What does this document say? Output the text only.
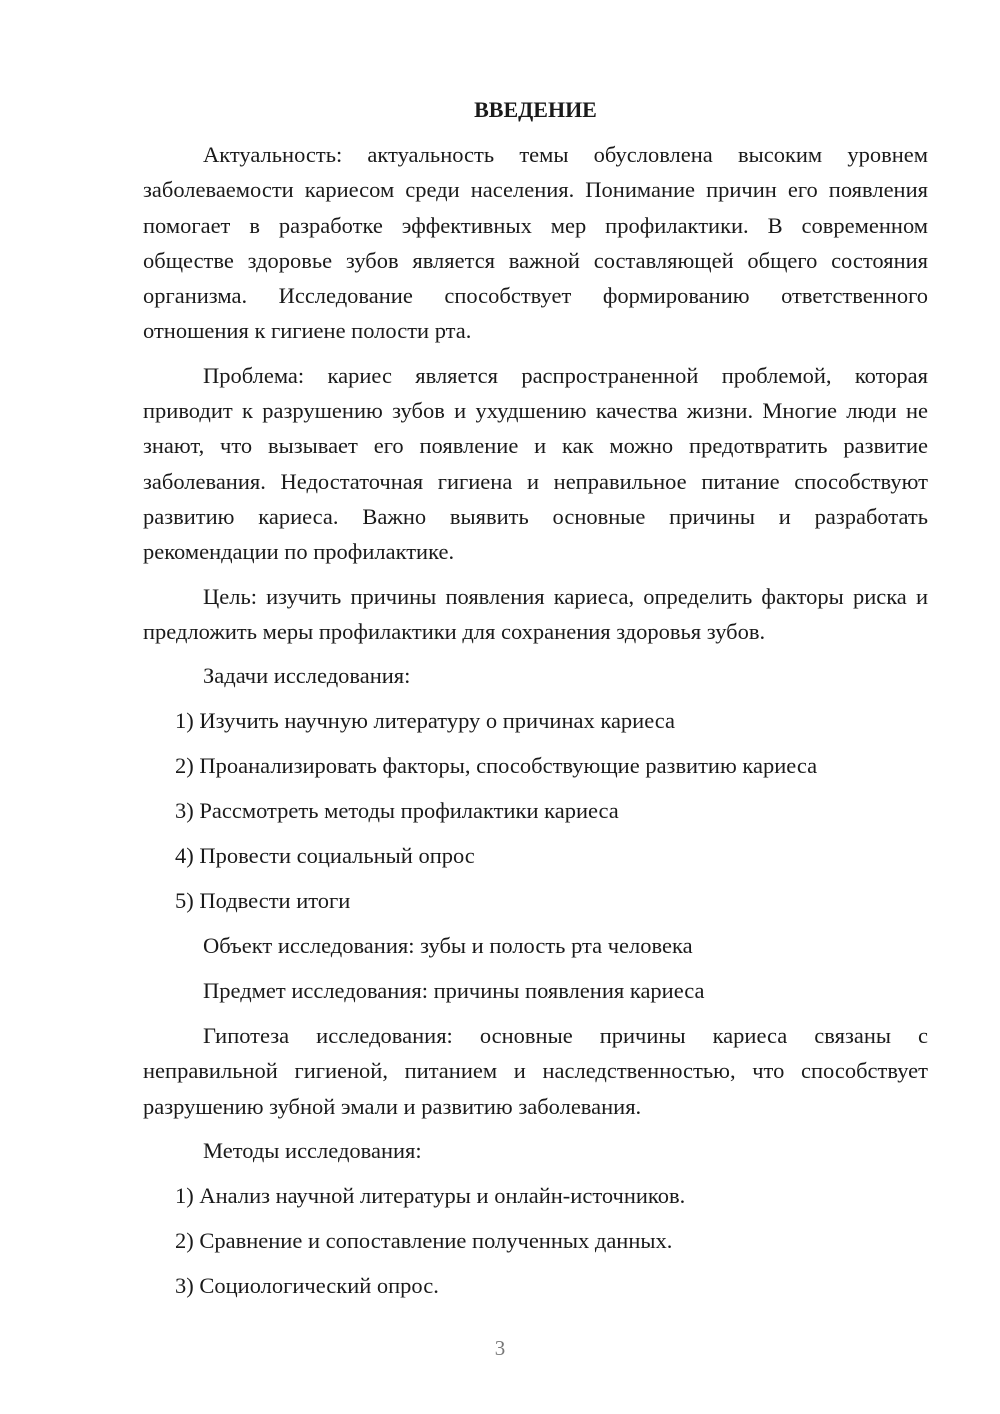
ВВЕДЕНИЕ

Актуальность: актуальность темы обусловлена высоким уровнем заболеваемости кариесом среди населения. Понимание причин его появления помогает в разработке эффективных мер профилактики. В современном обществе здоровье зубов является важной составляющей общего состояния организма. Исследование способствует формированию ответственного отношения к гигиене полости рта.

Проблема: кариес является распространенной проблемой, которая приводит к разрушению зубов и ухудшению качества жизни. Многие люди не знают, что вызывает его появление и как можно предотвратить развитие заболевания. Недостаточная гигиена и неправильное питание способствуют развитию кариеса. Важно выявить основные причины и разработать рекомендации по профилактике.

Цель: изучить причины появления кариеса, определить факторы риска и предложить меры профилактики для сохранения здоровья зубов.

Задачи исследования:
1) Изучить научную литературу о причинах кариеса
2) Проанализировать факторы, способствующие развитию кариеса
3) Рассмотреть методы профилактики кариеса
4) Провести социальный опрос
5) Подвести итоги
Объект исследования: зубы и полость рта человека
Предмет исследования: причины появления кариеса

Гипотеза исследования: основные причины кариеса связаны с неправильной гигиеной, питанием и наследственностью, что способствует разрушению зубной эмали и развитию заболевания.

Методы исследования:
1) Анализ научной литературы и онлайн-источников.
2) Сравнение и сопоставление полученных данных.
3) Социологический опрос.
3
